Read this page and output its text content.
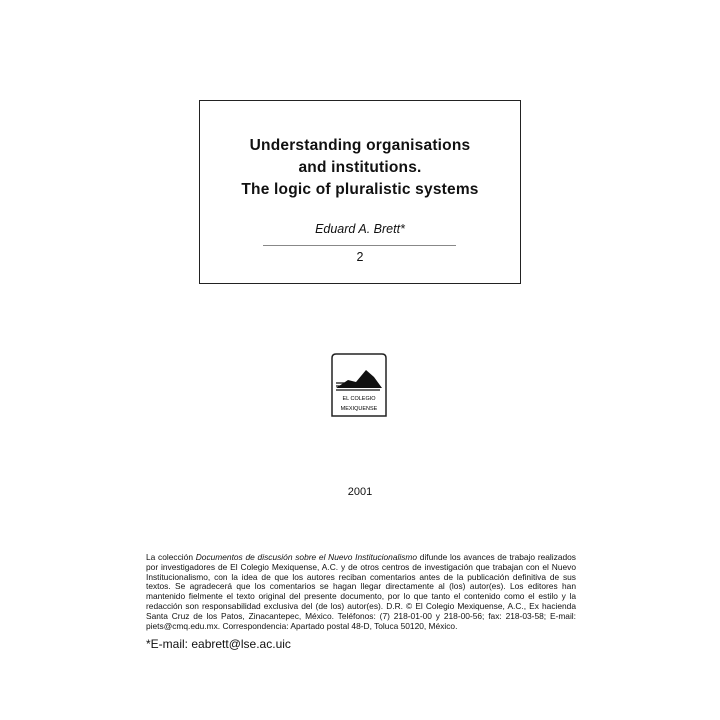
Understanding organisations
and institutions.
The logic of pluralistic systems
Eduard A. Brett*
2
EL COLEGIO
MEXIQUENSE
2001
La colección Documentos de discusión sobre el Nuevo Institucionalismo difunde los avances de trabajo realizados por investigadores de El Colegio Mexiquense, A.C. y de otros centros de investigación que trabajan con el Nuevo Institucionalismo, con la idea de que los autores reciban comentarios antes de la publicación definitiva de sus textos. Se agradecerá que los comentarios se hagan llegar directamente al (los) autor(es). Los editores han mantenido fielmente el texto original del presente documento, por lo que tanto el contenido como el estilo y la redacción son responsabilidad exclusiva del (de los) autor(es). D.R. © El Colegio Mexiquense, A.C., Ex hacienda Santa Cruz de los Patos, Zinacantepec, México. Teléfonos: (7) 218-01-00 y 218-00-56; fax: 218-03-58; E-mail: piets@cmq.edu.mx. Correspondencia: Apartado postal 48-D, Toluca 50120, México.
*E-mail: eabrett@lse.ac.uic
